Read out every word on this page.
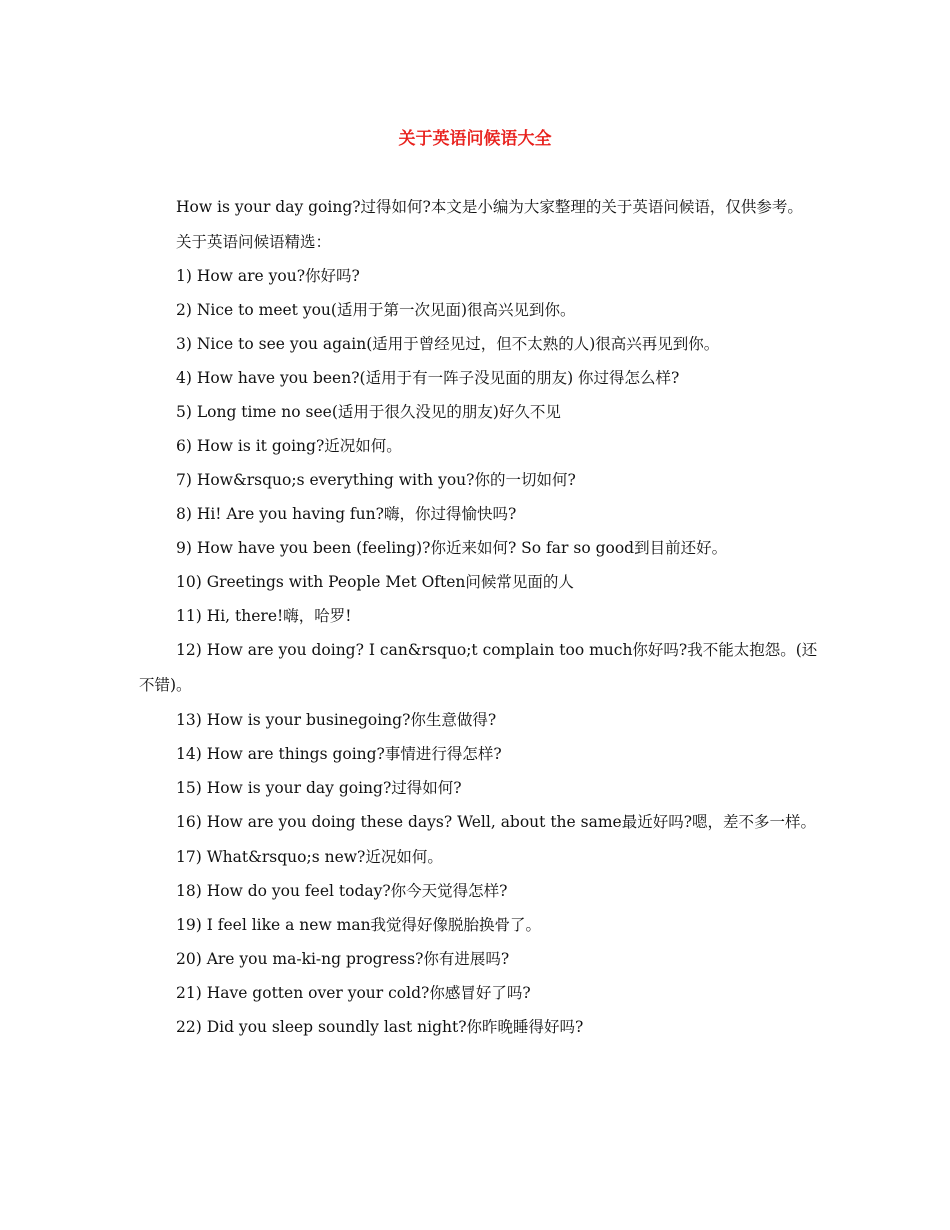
关于英语问候语大全

How is your day going?过得如何?本文是小编为大家整理的关于英语问候语，仅供参考。

关于英语问候语精选：

1) How are you?你好吗?

2) Nice to meet you(适用于第一次见面)很高兴见到你。

3) Nice to see you again(适用于曾经见过，但不太熟的人)很高兴再见到你。

4) How have you been?(适用于有一阵子没见面的朋友) 你过得怎么样?

5) Long time no see(适用于很久没见的朋友)好久不见

6) How is it going?近况如何。

7) How&rsquo;s everything with you?你的一切如何?

8) Hi! Are you having fun?嗨，你过得愉快吗?

9) How have you been (feeling)?你近来如何? So far so good到目前还好。

10) Greetings with People Met Often问候常见面的人

11) Hi, there!嗨，哈罗!

12) How are you doing? I can&rsquo;t complain too much你好吗?我不能太抱怨。(还不错)。

13) How is your businegoing?你生意做得?

14) How are things going?事情进行得怎样?

15) How is your day going?过得如何?

16) How are you doing these days? Well, about the same最近好吗?嗯，差不多一样。

17) What&rsquo;s new?近况如何。

18) How do you feel today?你今天觉得怎样?

19) I feel like a new man我觉得好像脱胎换骨了。

20) Are you ma-ki-ng progress?你有进展吗?

21) Have gotten over your cold?你感冒好了吗?

22) Did you sleep soundly last night?你昨晚睡得好吗?
